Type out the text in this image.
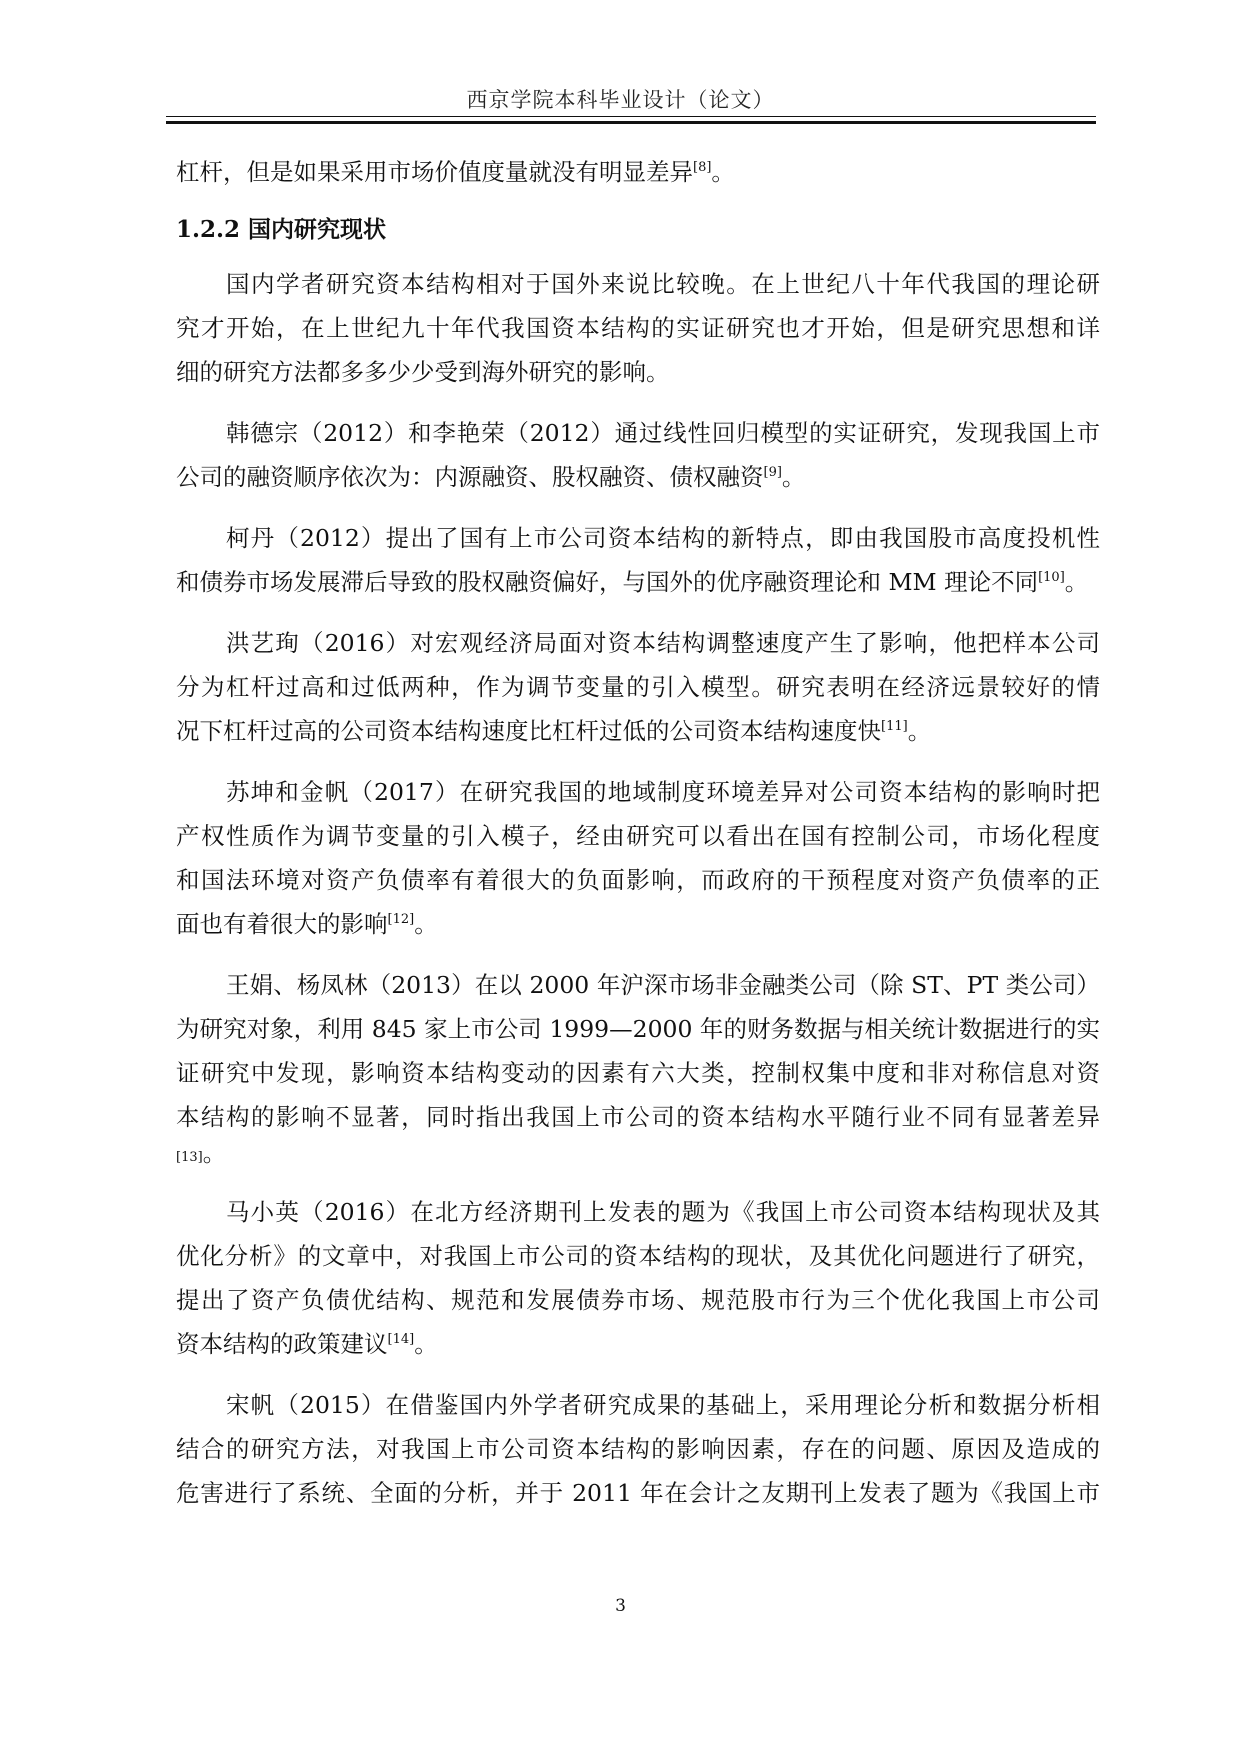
西京学院本科毕业设计（论文）
杠杆，但是如果采用市场价值度量就没有明显差异[8]。
1.2.2 国内研究现状
国内学者研究资本结构相对于国外来说比较晚。在上世纪八十年代我国的理论研
究才开始，在上世纪九十年代我国资本结构的实证研究也才开始，但是研究思想和详
细的研究方法都多多少少受到海外研究的影响。
韩德宗（2012）和李艳荣（2012）通过线性回归模型的实证研究，发现我国上市
公司的融资顺序依次为：内源融资、股权融资、债权融资[9]。
柯丹（2012）提出了国有上市公司资本结构的新特点，即由我国股市高度投机性
和债券市场发展滞后导致的股权融资偏好，与国外的优序融资理论和 MM 理论不同[10]。
洪艺珣（2016）对宏观经济局面对资本结构调整速度产生了影响，他把样本公司
分为杠杆过高和过低两种，作为调节变量的引入模型。研究表明在经济远景较好的情
况下杠杆过高的公司资本结构速度比杠杆过低的公司资本结构速度快[11]。
苏坤和金帆（2017）在研究我国的地域制度环境差异对公司资本结构的影响时把
产权性质作为调节变量的引入模子，经由研究可以看出在国有控制公司，市场化程度
和国法环境对资产负债率有着很大的负面影响，而政府的干预程度对资产负债率的正
面也有着很大的影响[12]。
王娟、杨凤林（2013）在以 2000 年沪深市场非金融类公司（除 ST、PT 类公司）
为研究对象，利用 845 家上市公司 1999—2000 年的财务数据与相关统计数据进行的实
证研究中发现，影响资本结构变动的因素有六大类，控制权集中度和非对称信息对资
本结构的影响不显著，同时指出我国上市公司的资本结构水平随行业不同有显著差异
[13]。
马小英（2016）在北方经济期刊上发表的题为《我国上市公司资本结构现状及其
优化分析》的文章中，对我国上市公司的资本结构的现状，及其优化问题进行了研究，
提出了资产负债优结构、规范和发展债券市场、规范股市行为三个优化我国上市公司
资本结构的政策建议[14]。
宋帆（2015）在借鉴国内外学者研究成果的基础上，采用理论分析和数据分析相
结合的研究方法，对我国上市公司资本结构的影响因素，存在的问题、原因及造成的
危害进行了系统、全面的分析，并于 2011 年在会计之友期刊上发表了题为《我国上市
3
